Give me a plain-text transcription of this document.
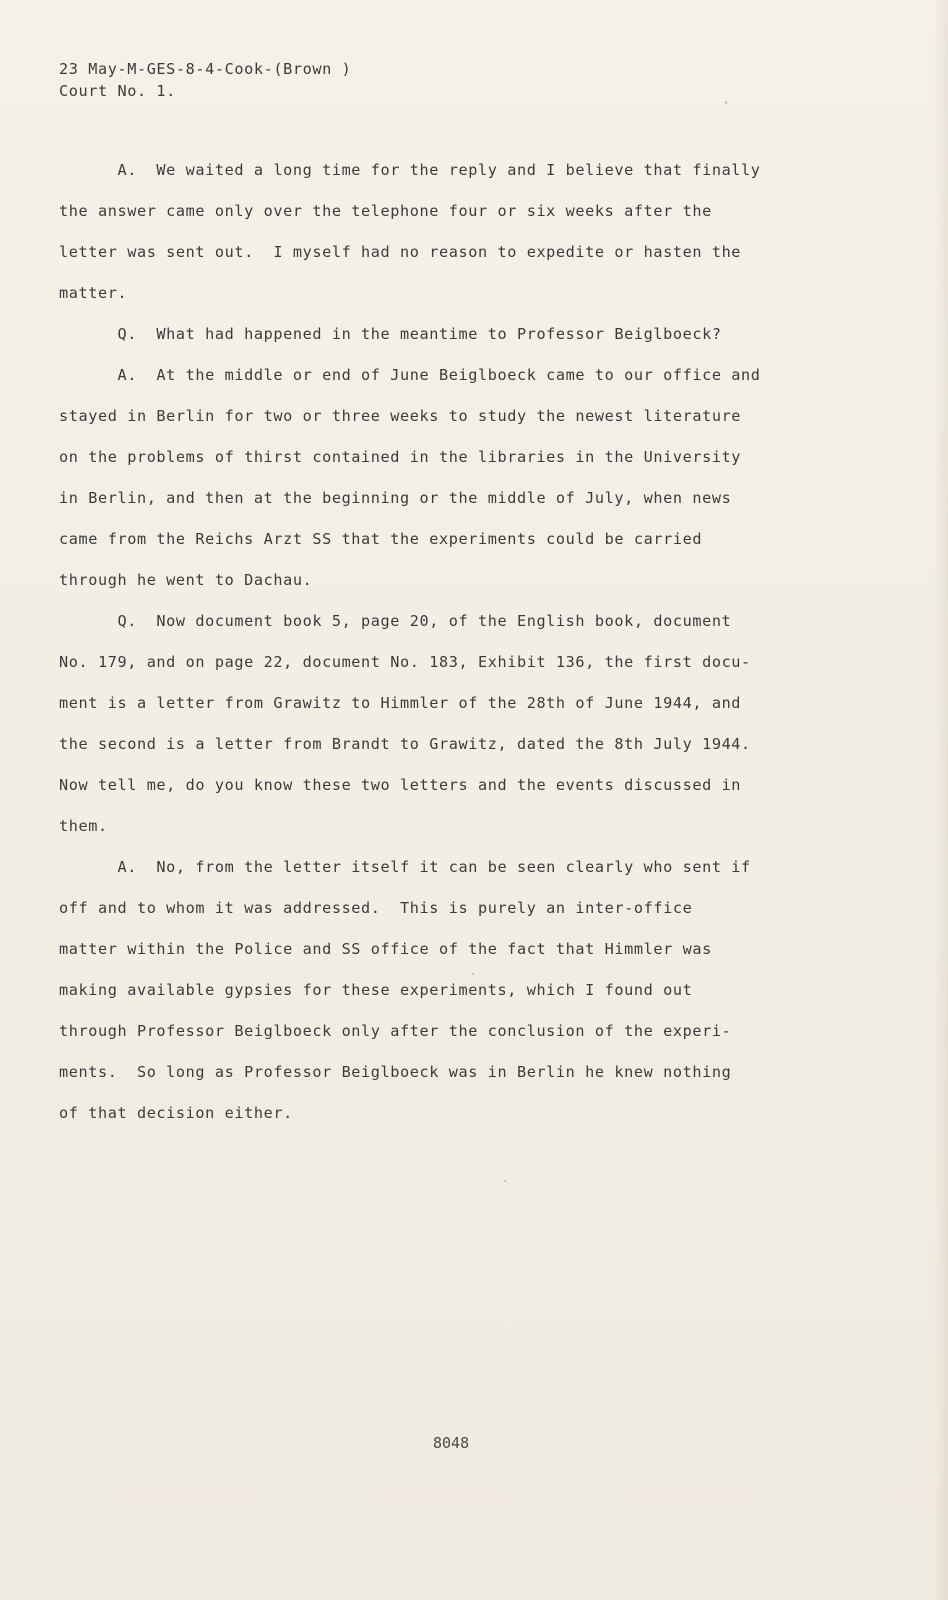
23 May-M-GES-8-4-Cook-(Brown )
Court No. 1.
A.  We waited a long time for the reply and I believe that finally
the answer came only over the telephone four or six weeks after the
letter was sent out.  I myself had no reason to expedite or hasten the
matter.
Q.  What had happened in the meantime to Professor Beiglboeck?
A.  At the middle or end of June Beiglboeck came to our office and
stayed in Berlin for two or three weeks to study the newest literature
on the problems of thirst contained in the libraries in the University
in Berlin, and then at the beginning or the middle of July, when news
came from the Reichs Arzt SS that the experiments could be carried
through he went to Dachau.
Q.  Now document book 5, page 20, of the English book, document
No. 179, and on page 22, document No. 183, Exhibit 136, the first docu-
ment is a letter from Grawitz to Himmler of the 28th of June 1944, and
the second is a letter from Brandt to Grawitz, dated the 8th July 1944.
Now tell me, do you know these two letters and the events discussed in
them.
A.  No, from the letter itself it can be seen clearly who sent if
off and to whom it was addressed.  This is purely an inter-office
matter within the Police and SS office of the fact that Himmler was
making available gypsies for these experiments, which I found out
through Professor Beiglboeck only after the conclusion of the experi-
ments.  So long as Professor Beiglboeck was in Berlin he knew nothing
of that decision either.
8048
